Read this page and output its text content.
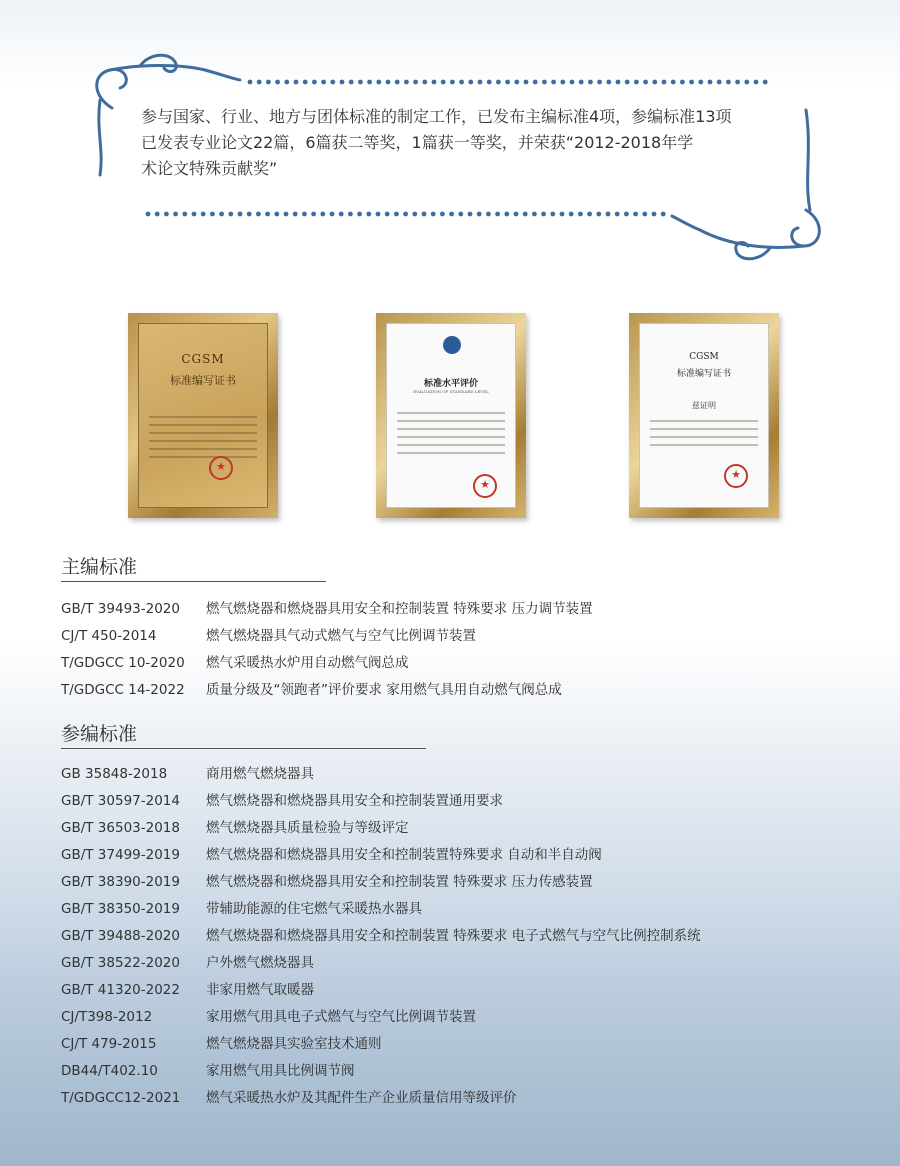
参与国家、行业、地方与团体标准的制定工作，已发布主编标准4项，参编标准13项

已发表专业论文22篇，6篇获二等奖，1篇获一等奖，并荣获“2012-2018年学

术论文特殊贡献奖”

CGSM
标准编写证书
★	标准水平评价
EVALUATION OF STANDARD LEVEL
★
CGSM
标准编写证书
兹证明
★
主编标准
GB/T 39493-2020 燃气燃烧器和燃烧器具用安全和控制装置 特殊要求 压力调节装置
CJ/T 450-2014	燃气燃烧器具气动式燃气与空气比例调节装置
T/GDGCC 10-2020 燃气采暖热水炉用自动燃气阀总成
T/GDGCC 14-2022 质量分级及“领跑者”评价要求 家用燃气具用自动燃气阀总成
参编标准
GB 35848-2018	商用燃气燃烧器具
GB/T 30597-2014 燃气燃烧器和燃烧器具用安全和控制装置通用要求
GB/T 36503-2018 燃气燃烧器具质量检验与等级评定
GB/T 37499-2019 燃气燃烧器和燃烧器具用安全和控制装置特殊要求 自动和半自动阀
GB/T 38390-2019 燃气燃烧器和燃烧器具用安全和控制装置 特殊要求 压力传感装置
GB/T 38350-2019 带辅助能源的住宅燃气采暖热水器具
GB/T 39488-2020 燃气燃烧器和燃烧器具用安全和控制装置 特殊要求 电子式燃气与空气比例控制系统
GB/T 38522-2020 户外燃气燃烧器具
GB/T 41320-2022 非家用燃气取暖器
CJ/T398-2012	家用燃气用具电子式燃气与空气比例调节装置
CJ/T 479-2015	燃气燃烧器具实验室技术通则
DB44/T402.10	家用燃气用具比例调节阀
T/GDGCC12-2021 燃气采暖热水炉及其配件生产企业质量信用等级评价
